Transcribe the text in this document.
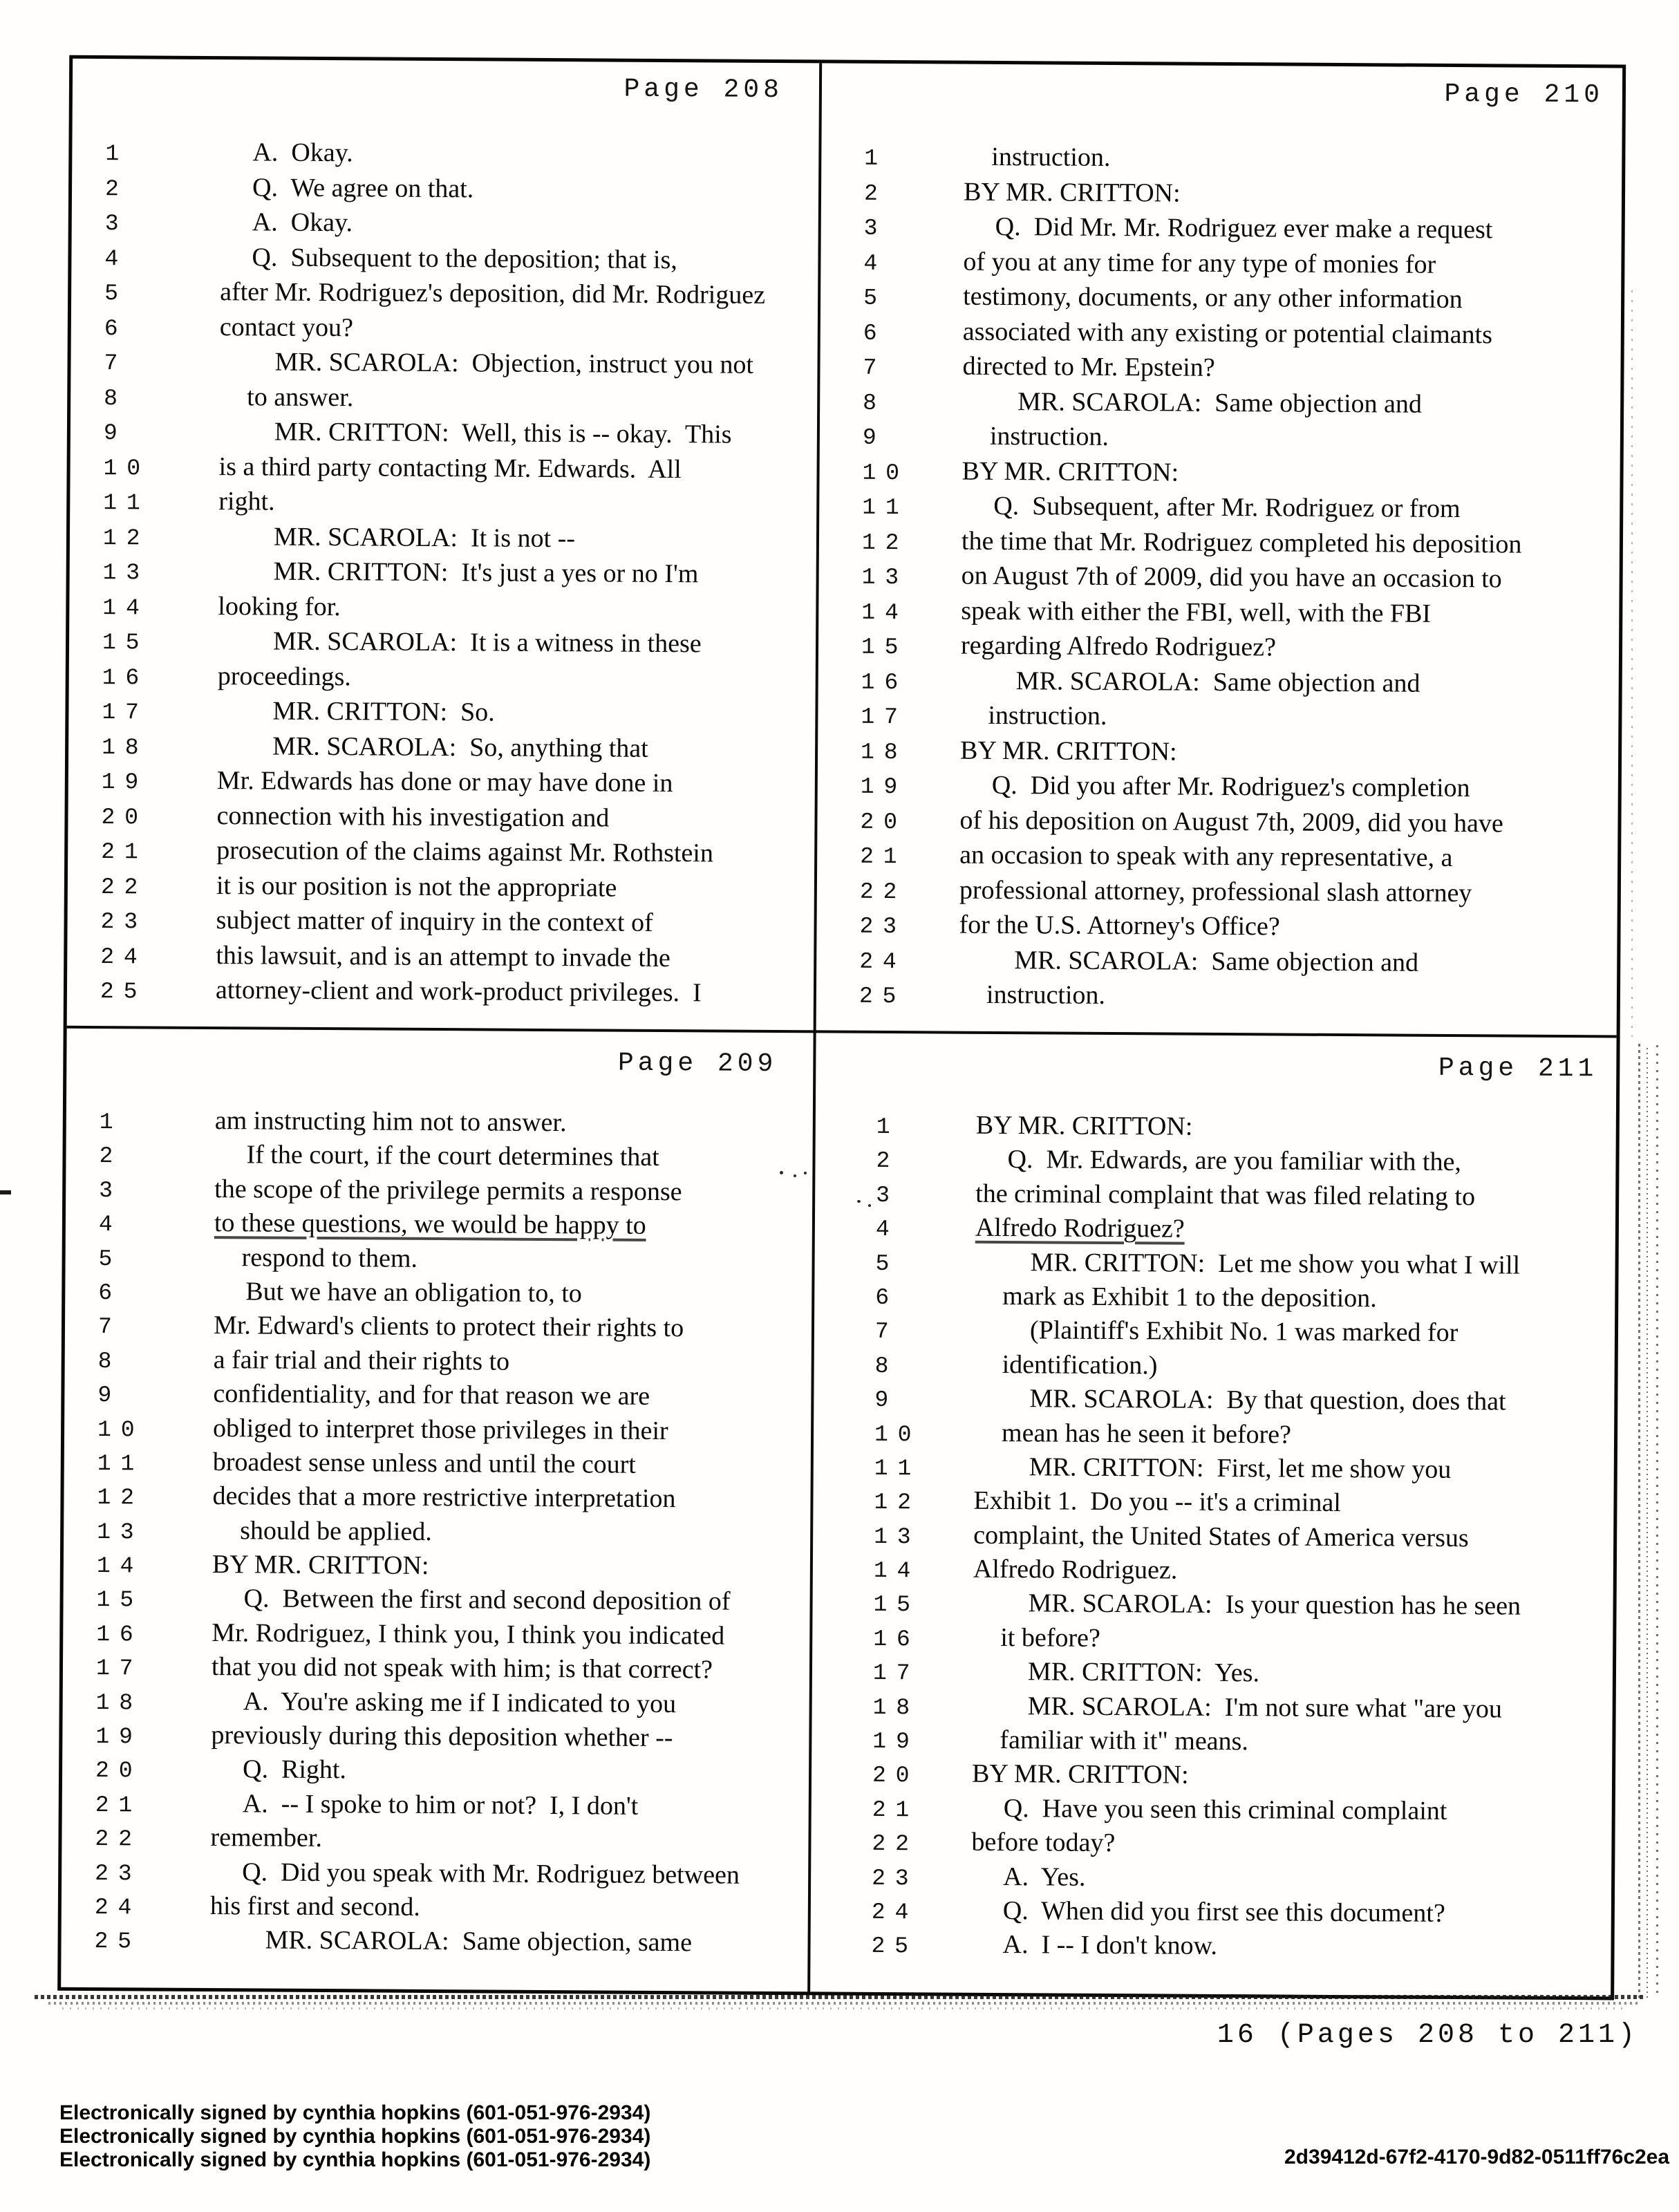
Page 208
1	A.  Okay.
2	Q.  We agree on that.
3	A.  Okay.
4	Q.  Subsequent to the deposition; that is,
5	after Mr. Rodriguez's deposition, did Mr. Rodriguez
6	contact you?
7	MR. SCAROLA:  Objection, instruct you not
8	to answer.
9	MR. CRITTON:  Well, this is -- okay.  This
10	is a third party contacting Mr. Edwards.  All
11	right.
12	MR. SCAROLA:  It is not --
13	MR. CRITTON:  It's just a yes or no I'm
14	looking for.
15	MR. SCAROLA:  It is a witness in these
16	proceedings.
17	MR. CRITTON:  So.
18	MR. SCAROLA:  So, anything that
19	Mr. Edwards has done or may have done in
20	connection with his investigation and
21	prosecution of the claims against Mr. Rothstein
22	it is our position is not the appropriate
23	subject matter of inquiry in the context of
24	this lawsuit, and is an attempt to invade the
25	attorney-client and work-product privileges.  I
Page 210
1	instruction.
2	BY MR. CRITTON:
3	Q.  Did Mr. Mr. Rodriguez ever make a request
4	of you at any time for any type of monies for
5	testimony, documents, or any other information
6	associated with any existing or potential claimants
7	directed to Mr. Epstein?
8	MR. SCAROLA:  Same objection and
9	instruction.
10	BY MR. CRITTON:
11	Q.  Subsequent, after Mr. Rodriguez or from
12	the time that Mr. Rodriguez completed his deposition
13	on August 7th of 2009, did you have an occasion to
14	speak with either the FBI, well, with the FBI
15	regarding Alfredo Rodriguez?
16	MR. SCAROLA:  Same objection and
17	instruction.
18	BY MR. CRITTON:
19	Q.  Did you after Mr. Rodriguez's completion
20	of his deposition on August 7th, 2009, did you have
21	an occasion to speak with any representative, a
22	professional attorney, professional slash attorney
23	for the U.S. Attorney's Office?
24	MR. SCAROLA:  Same objection and
25	instruction.
Page 209
1	am instructing him not to answer.
2	If the court, if the court determines that
3	the scope of the privilege permits a response
4	to these questions, we would be happy to
5	respond to them.
6	But we have an obligation to, to
7	Mr. Edward's clients to protect their rights to
8	a fair trial and their rights to
9	confidentiality, and for that reason we are
10	obliged to interpret those privileges in their
11	broadest sense unless and until the court
12	decides that a more restrictive interpretation
13	should be applied.
14	BY MR. CRITTON:
15	Q.  Between the first and second deposition of
16	Mr. Rodriguez, I think you, I think you indicated
17	that you did not speak with him; is that correct?
18	A.  You're asking me if I indicated to you
19	previously during this deposition whether --
20	Q.  Right.
21	A.  -- I spoke to him or not?  I, I don't
22	remember.
23	Q.  Did you speak with Mr. Rodriguez between
24	his first and second.
25	MR. SCAROLA:  Same objection, same
Page 211
1	BY MR. CRITTON:
2	Q.  Mr. Edwards, are you familiar with the,
3	the criminal complaint that was filed relating to
4	Alfredo Rodriguez?
5	MR. CRITTON:  Let me show you what I will
6	mark as Exhibit 1 to the deposition.
7	(Plaintiff's Exhibit No. 1 was marked for
8	identification.)
9	MR. SCAROLA:  By that question, does that
10	mean has he seen it before?
11	MR. CRITTON:  First, let me show you
12	Exhibit 1.  Do you -- it's a criminal
13	complaint, the United States of America versus
14	Alfredo Rodriguez.
15	MR. SCAROLA:  Is your question has he seen
16	it before?
17	MR. CRITTON:  Yes.
18	MR. SCAROLA:  I'm not sure what "are you
19	familiar with it" means.
20	BY MR. CRITTON:
21	Q.  Have you seen this criminal complaint
22	before today?
23	A.  Yes.
24	Q.  When did you first see this document?
25	A.  I -- I don't know.
16 (Pages 208 to 211)
Electronically signed by cynthia hopkins (601-051-976-2934)
Electronically signed by cynthia hopkins (601-051-976-2934)
Electronically signed by cynthia hopkins (601-051-976-2934)	2d39412d-67f2-4170-9d82-0511ff76c2ea
